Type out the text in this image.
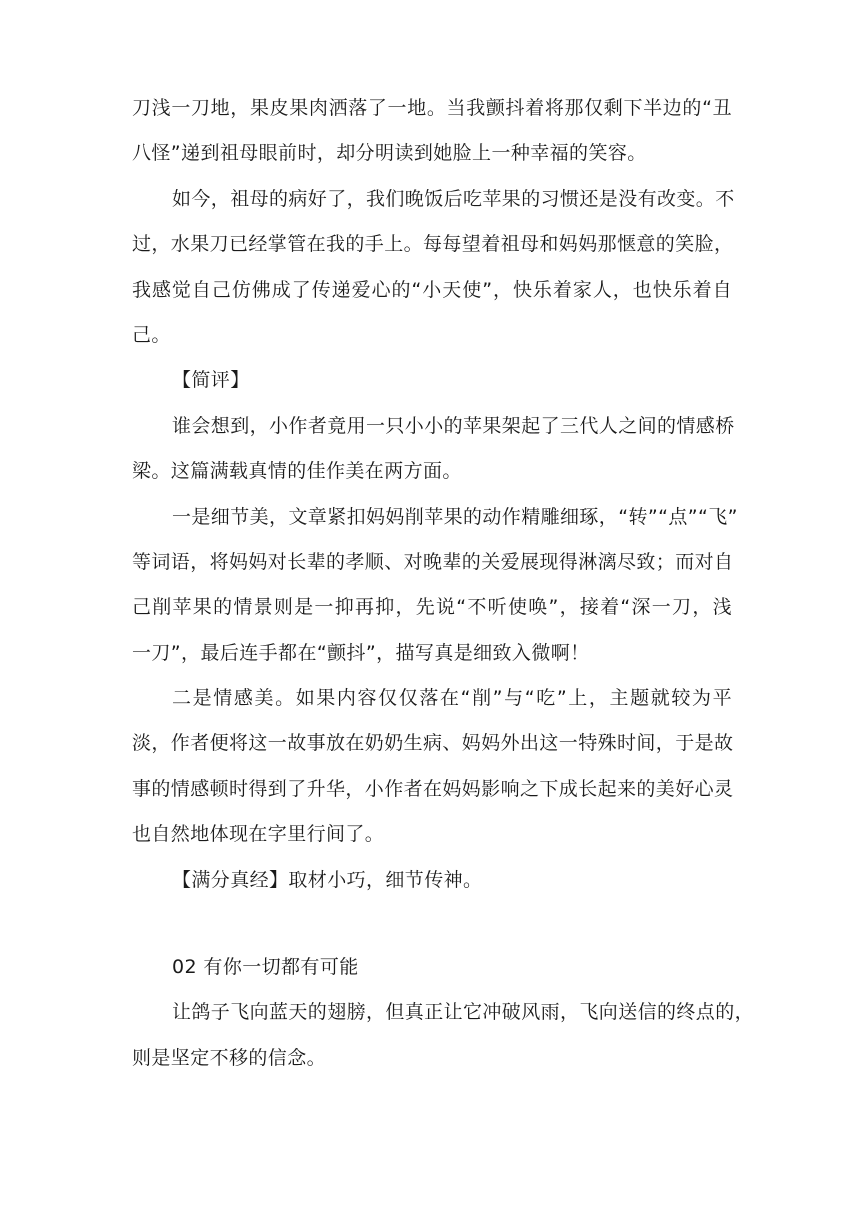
刀浅一刀地，果皮果肉洒落了一地。当我颤抖着将那仅剩下半边的“丑
八怪”递到祖母眼前时，却分明读到她脸上一种幸福的笑容。
如今，祖母的病好了，我们晚饭后吃苹果的习惯还是没有改变。不
过，水果刀已经掌管在我的手上。每每望着祖母和妈妈那惬意的笑脸，
我感觉自己仿佛成了传递爱心的“小天使”，快乐着家人，也快乐着自
己。
【简评】
谁会想到，小作者竟用一只小小的苹果架起了三代人之间的情感桥
梁。这篇满载真情的佳作美在两方面。
一是细节美，文章紧扣妈妈削苹果的动作精雕细琢，“转”“点”“飞”
等词语，将妈妈对长辈的孝顺、对晚辈的关爱展现得淋漓尽致；而对自
己削苹果的情景则是一抑再抑，先说“不听使唤”，接着“深一刀，浅
一刀”，最后连手都在“颤抖”，描写真是细致入微啊！
二是情感美。如果内容仅仅落在“削”与“吃”上，主题就较为平
淡，作者便将这一故事放在奶奶生病、妈妈外出这一特殊时间，于是故
事的情感顿时得到了升华，小作者在妈妈影响之下成长起来的美好心灵
也自然地体现在字里行间了。
【满分真经】取材小巧，细节传神。
02 有你一切都有可能
让鸽子飞向蓝天的翅膀，但真正让它冲破风雨，飞向送信的终点的，
则是坚定不移的信念。
